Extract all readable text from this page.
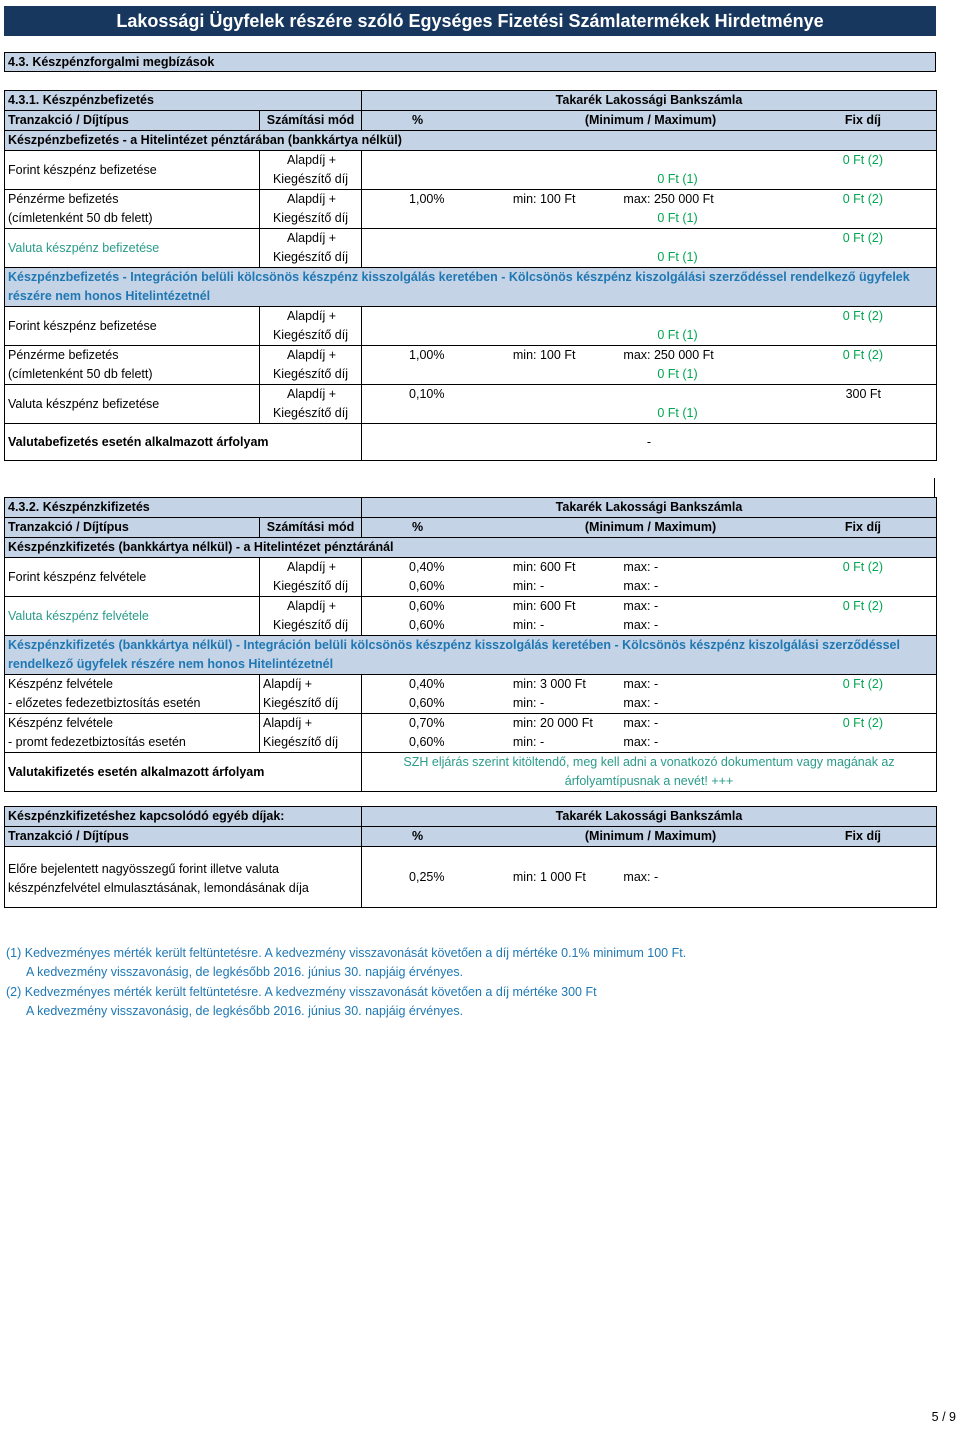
Lakossági Ügyfelek részére szóló Egységes Fizetési Számlatermékek Hirdetménye
4.3. Készpénzforgalmi megbízások
4.3.1. Készpénzbefizetés		Takarék Lakossági Bankszámla				
Tranzakció / Díjtípus	Számítási mód	%	(Minimum / Maximum)			Fix díj
Készpénzbefizetés - a Hitelintézet pénztárában (bankkártya nélkül)						
Forint készpénz befizetése	Alapdíj +					0 Ft (2)
	Kiegészítő díj	0 Ft (1)				
Pénzérme befizetés	Alapdíj +	1,00%	min: 100 Ft	max: 250 000 Ft		0 Ft (2)
(címletenként 50 db felett)	Kiegészítő díj	0 Ft (1)				
Valuta készpénz befizetése	Alapdíj +					0 Ft (2)
	Kiegészítő díj	0 Ft (1)				
Készpénzbefizetés - Integráción belüli kölcsönös készpénz kisszolgálás keretében - Kölcsönös készpénz kiszolgálási szerződéssel rendelkező ügyfelek részére nem honos Hitelintézetnél						
Forint készpénz befizetése	Alapdíj +					0 Ft (2)
	Kiegészítő díj	0 Ft (1)				
Pénzérme befizetés	Alapdíj +	1,00%	min: 100 Ft	max: 250 000 Ft		0 Ft (2)
(címletenként 50 db felett)	Kiegészítő díj	0 Ft (1)				
Valuta készpénz befizetése	Alapdíj +	0,10%				300 Ft
	Kiegészítő díj	0 Ft (1)				
Valutabefizetés esetén alkalmazott árfolyam		-				
4.3.2. Készpénzkifizetés		Takarék Lakossági Bankszámla				
Tranzakció / Díjtípus	Számítási mód	%	(Minimum / Maximum)			Fix díj
Készpénzkifizetés (bankkártya nélkül) - a Hitelintézet pénztáránál						
Forint készpénz felvétele	Alapdíj +	0,40%	min: 600 Ft	max: -		0 Ft (2)
	Kiegészítő díj	0,60%	min: -	max: -		
Valuta készpénz felvétele	Alapdíj +	0,60%	min: 600 Ft	max: -		0 Ft (2)
	Kiegészítő díj	0,60%	min: -	max: -		
Készpénzkifizetés (bankkártya nélkül) - Integráción belüli kölcsönös készpénz kisszolgálás keretében - Kölcsönös készpénz kiszolgálási szerződéssel rendelkező ügyfelek részére nem honos Hitelintézetnél						
Készpénz felvétele	Alapdíj +	0,40%	min: 3 000 Ft	max: -		0 Ft (2)
- előzetes fedezetbiztosítás esetén	Kiegészítő díj	0,60%	min: -	max: -		
Készpénz felvétele	Alapdíj +	0,70%	min: 20 000 Ft	max: -		0 Ft (2)
- promt fedezetbiztosítás esetén	Kiegészítő díj	0,60%	min: -	max: -		
Valutakifizetés esetén alkalmazott árfolyam		SZH eljárás szerint kitöltendő, meg kell adni a vonatkozó dokumentum vagy magának az árfolyamtípusnak a nevét! +++				
Készpénzkifizetéshez kapcsolódó egyéb díjak:	Takarék Lakossági Bankszámla				
Tranzakció / Díjtípus	%	(Minimum / Maximum)			Fix díj

Előre bejelentett nagyösszegű forint illetve valuta
készpénzfelvétel elmulasztásának, lemondásának díja	0,25%	min: 1 000 Ft	max: -		
(1) Kedvezményes mérték került feltüntetésre. A kedvezmény visszavonását követően a díj mértéke 0.1% minimum 100 Ft.
A kedvezmény visszavonásig, de legkésőbb 2016. június 30. napjáig érvényes.
(2) Kedvezményes mérték került feltüntetésre. A kedvezmény visszavonását követően a díj mértéke 300 Ft
A kedvezmény visszavonásig, de legkésőbb 2016. június 30. napjáig érvényes.
5 / 9
